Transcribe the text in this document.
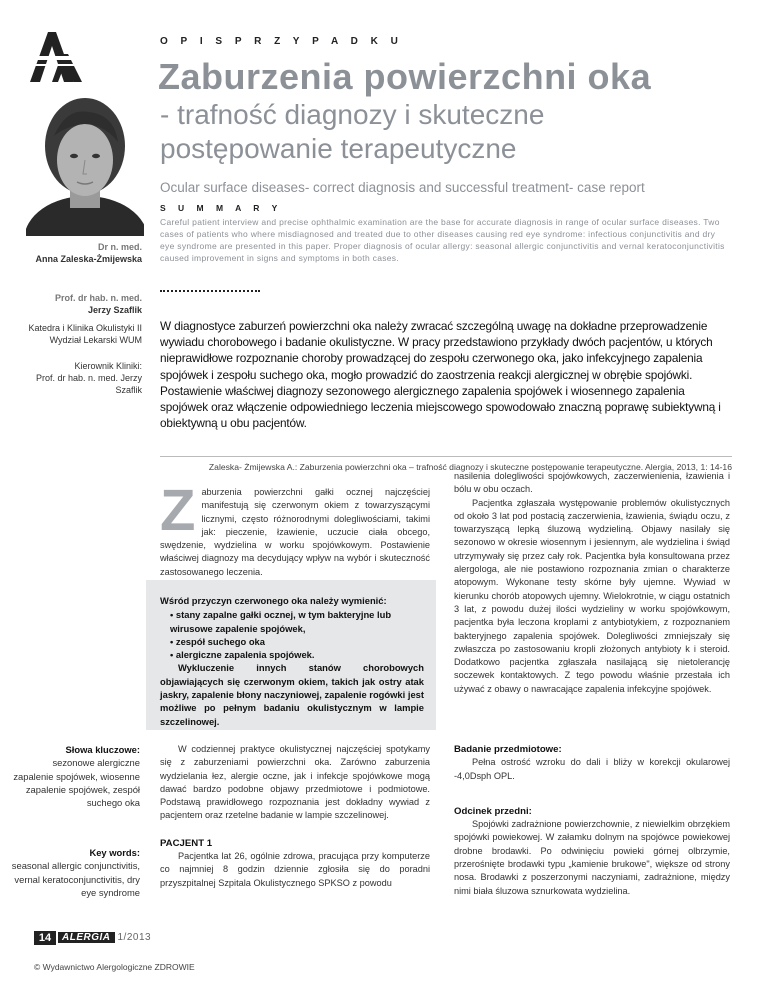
O P I S P R Z Y P A D K U
Zaburzenia powierzchni oka
- trafność diagnozy i skuteczne postępowanie terapeutyczne
Ocular surface diseases- correct diagnosis and successful treatment- case report
Dr n. med.
Anna Zaleska-Żmijewska
Prof. dr hab. n. med.
Jerzy Szaflik
Katedra i Klinika Okulistyki II Wydział Lekarski WUM
Kierownik Kliniki:
Prof. dr hab. n. med. Jerzy Szaflik
S U M M A R Y
Careful patient interview and precise ophthalmic examination are the base for accurate diagnosis in range of ocular surface diseases. Two cases of patients who where misdiagnosed and treated due to other diseases causing red eye syndrome: infectious conjunctivitis and dry eye syndrome are presented in this paper. Proper diagnosis of ocular allergy: seasonal allergic conjunctivitis and vernal keratoconjunctivitis caused improvement in signs and symptoms in both cases.
W diagnostyce zaburzeń powierzchni oka należy zwracać szczególną uwagę na dokładne przeprowadzenie wywiadu chorobowego i badanie okulistyczne. W pracy przedstawiono przykłady dwóch pacjentów, u których nieprawidłowe rozpoznanie choroby prowadzącej do zespołu czerwonego oka, jako infekcyjnego zapalenia spojówek i zespołu suchego oka, mogło prowadzić do zaostrzenia reakcji alergicznej w obrębie spojówki. Postawienie właściwej diagnozy sezonowego alergicznego zapalenia spojówek i wiosennego zapalenia spojówek oraz włączenie odpowiedniego leczenia miejscowego spowodowało znaczną poprawę subiektywną i obiektywną u obu pacjentów.
Zaleska- Żmijewska A.: Zaburzenia powierzchni oka – trafność diagnozy i skuteczne postępowanie terapeutyczne. Alergia, 2013, 1: 14-16
Z aburzenia powierzchni gałki ocznej najczęściej manifestują się czerwonym okiem z towarzyszącymi licznymi, często różnorodnymi dolegliwościami, takimi jak: pieczenie, łzawienie, uczucie ciała obcego, swędzenie, wydzielina w worku spojówkowym. Postawienie właściwej diagnozy ma decydujący wpływ na wybór i skuteczność zastosowanego leczenia.
Wśród przyczyn czerwonego oka należy wymienić:
• stany zapalne gałki ocznej, w tym bakteryjne lub wirusowe zapalenie spojówek,
• zespół suchego oka
• alergiczne zapalenia spojówek.
Wykluczenie innych stanów chorobowych objawiających się czerwonym okiem, takich jak ostry atak jaskry, zapalenie błony naczyniowej, zapalenie rogówki jest możliwe po pełnym badaniu okulistycznym w lampie szczelinowej.
nasilenia dolegliwości spojówkowych, zaczerwienienia, łzawienia i bólu w obu oczach.

Pacjentka zgłaszała występowanie problemów okulistycznych od około 3 lat pod postacią zaczerwienia, łzawienia, świądu oczu, z towarzyszącą lepką śluzową wydzieliną. Objawy nasilały się sezonowo w okresie wiosennym i jesiennym, ale wydzielina i świąd utrzymywały się przez cały rok. Pacjentka była konsultowana przez alergologa, ale nie postawiono rozpoznania zmian o charakterze atopowym. Wykonane testy skórne były ujemne. Wywiad w kierunku chorób atopowych ujemny. Wielokrotnie, w ciągu ostatnich 3 lat, z powodu dużej ilości wydzieliny w worku spojówkowym, pacjentka była leczona kroplami z antybiotykiem, z rozpoznaniem bakteryjnego zapalenia spojówek. Dolegliwości zmniejszały się zwłaszcza po zastosowaniu kropli złożonych antybioty k i steroid. Dodatkowo pacjentka zgłaszała nasilającą się nietolerancję soczewek kontaktowych. Z tego powodu właśnie przestała ich używać z obawy o nawracające zapalenia infekcyjne spojówek.

Słowa kluczowe:
sezonowe alergiczne zapalenie spojówek, wiosenne zapalenie spojówek, zespół suchego oka
Key words:
seasonal allergic conjunctivitis, vernal keratoconjunctivitis, dry eye syndrome

W codziennej praktyce okulistycznej najczęściej spotykamy się z zaburzeniami powierzchni oka. Zarówno zaburzenia wydzielania łez, alergie oczne, jak i infekcje spojówkowe mogą dawać bardzo podobne objawy przedmiotowe i podmiotowe. Podstawą prawidłowego rozpoznania jest dokładny wywiad z pacjentem oraz rzetelne badanie w lampie szczelinowej.

PACJENT 1

Pacjentka lat 26, ogólnie zdrowa, pracująca przy komputerze co najmniej 8 godzin dziennie zgłosiła się do poradni przyszpitalnej Szpitala Okulistycznego SPKSO z powodu

Badanie przedmiotowe:

Pełna ostrość wzroku do dali i bliży w korekcji okularowej -4,0Dsph OPL.

Odcinek przedni:

Spojówki zadrażnione powierzchownie, z niewielkim obrzękiem spojówki powiekowej. W załamku dolnym na spojówce powiekowej drobne brodawki. Po odwinięciu powieki górnej olbrzymie, przerośnięte brodawki typu „kamienie brukowe", większe od strony nosa. Brodawki z poszerzonymi naczyniami, zadrażnione, między nimi biała śluzowa sznurkowata wydzielina.

14	ALERGIA 1/2013
© Wydawnictwo Alergologiczne ZDROWIE
